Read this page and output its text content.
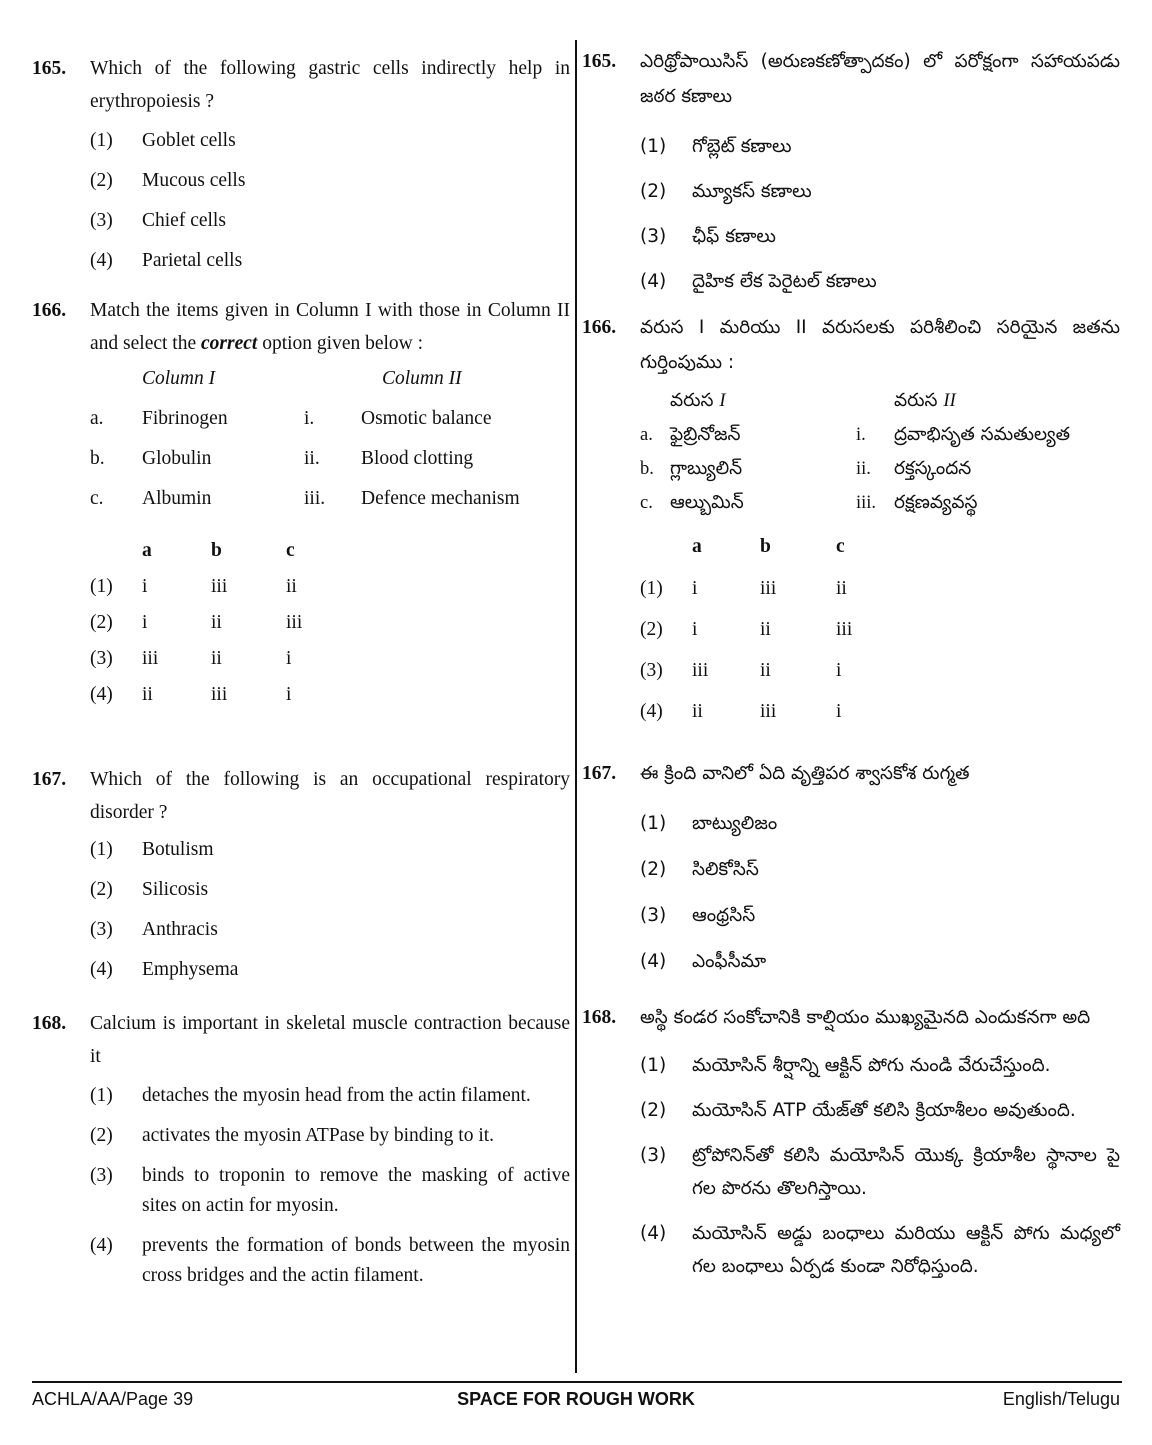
165. Which of the following gastric cells indirectly help in erythropoiesis ?
(1) Goblet cells
(2) Mucous cells
(3) Chief cells
(4) Parietal cells
166. Match the items given in Column I with those in Column II and select the correct option given below :
Column I	Column II
a. Fibrinogen	i. Osmotic balance
b. Globulin	ii. Blood clotting
c. Albumin	iii. Defence mechanism
a	b	c
(1) i	iii	ii
(2) i	ii	iii
(3) iii	ii	i
(4) ii	iii	i
167. Which of the following is an occupational respiratory disorder ?
(1) Botulism
(2) Silicosis
(3) Anthracis
(4) Emphysema
168. Calcium is important in skeletal muscle contraction because it
(1) detaches the myosin head from the actin filament.
(2) activates the myosin ATPase by binding to it.
(3) binds to troponin to remove the masking of active sites on actin for myosin.
(4) prevents the formation of bonds between the myosin cross bridges and the actin filament.
165. ఎరిథ్రోపాయిసిస్ (అరుణకణోత్పాదకం) లో పరోక్షంగా సహాయపడు జఠర కణాలు
(1) గోబ్లెట్ కణాలు
(2) మ్యూకస్ కణాలు
(3) ఛీఫ్ కణాలు
(4) దైహిక లేక పెరైటల్ కణాలు
166. వరుస I మరియు II వరుసలకు పరిశీలించి సరియైన జతను గుర్తింపుము :
వరుస I	వరుస II
a. ఫైబ్రినోజన్	i. ద్రవాభిసృత సమతుల్యత
b. గ్లాబ్యులిన్	ii. రక్తస్కందన
c. ఆల్బుమిన్	iii. రక్షణవ్యవస్థ
a	b	c
(1) i	iii	ii
(2) i	ii	iii
(3) iii	ii	i
(4) ii	iii	i
167. ఈ క్రింది వానిలో ఏది వృత్తిపర శ్వాసకోశ రుగ్మత
(1) బాట్యులిజం
(2) సిలికోసిస్
(3) ఆంథ్రసిస్
(4) ఎంఫీసీమా
168. అస్థి కండర సంకోచానికి కాల్షియం ముఖ్యమైనది ఎందుకనగా అది
(1) మయోసిన్ శీర్షాన్ని ఆక్టిన్ పోగు నుండి వేరుచేస్తుంది.
(2) మయోసిన్ ATP యేజ్‌తో కలిసి క్రియాశీలం అవుతుంది.
(3) ట్రోపోనిన్‌తో కలిసి మయోసిన్ యొక్క క్రియాశీల స్థానాల పై గల పొరను తొలగిస్తాయి.
(4) మయోసిన్ అడ్డు బంధాలు మరియు ఆక్టిన్ పోగు మధ్యలో గల బంధాలు ఏర్పడ కుండా నిరోధిస్తుంది.
ACHLA/AA/Page 39	SPACE FOR ROUGH WORK	English/Telugu
